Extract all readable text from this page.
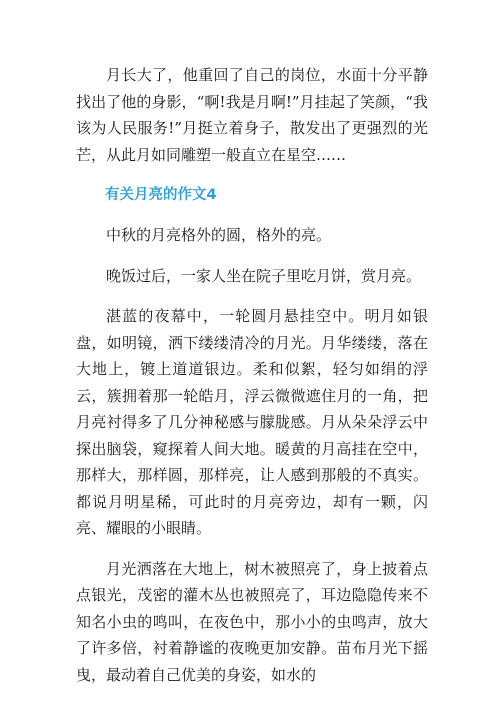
月长大了，他重回了自己的岗位，水面十分平静找出了他的身影，“啊!我是月啊!”月挂起了笑颜，“我该为人民服务!”月挺立着身子，散发出了更强烈的光芒，从此月如同雕塑一般直立在星空……

有关月亮的作文4

中秋的月亮格外的圆，格外的亮。

晚饭过后，一家人坐在院子里吃月饼，赏月亮。

湛蓝的夜幕中，一轮圆月悬挂空中。明月如银盘，如明镜，洒下缕缕清冷的月光。月华缕缕，落在大地上，镀上道道银边。柔和似絮，轻匀如绢的浮云，簇拥着那一轮皓月，浮云微微遮住月的一角，把月亮衬得多了几分神秘感与朦胧感。月从朵朵浮云中探出脑袋，窥探着人间大地。暖黄的月高挂在空中，那样大，那样圆，那样亮，让人感到那般的不真实。都说月明星稀，可此时的月亮旁边，却有一颗，闪亮、耀眼的小眼睛。

月光洒落在大地上，树木被照亮了，身上披着点点银光，茂密的灌木丛也被照亮了，耳边隐隐传来不知名小虫的鸣叫，在夜色中，那小小的虫鸣声，放大了许多倍，衬着静谧的夜晚更加安静。苗布月光下摇曳，最动着自己优美的身姿，如水的
